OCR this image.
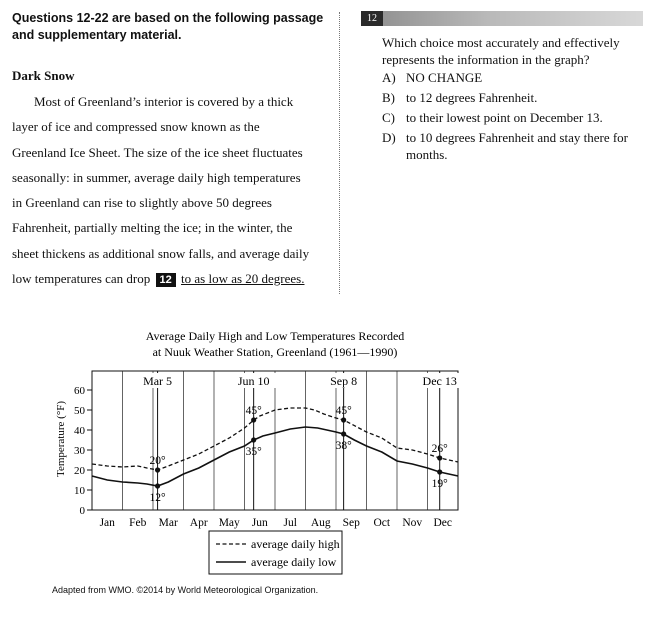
Questions 12-22 are based on the following passage and supplementary material.
Dark Snow

Most of Greenland’s interior is covered by a thick

layer of ice and compressed snow known as the

Greenland Ice Sheet. The size of the ice sheet fluctuates

seasonally: in summer, average daily high temperatures

in Greenland can rise to slightly above 50 degrees

Fahrenheit, partially melting the ice; in the winter, the

sheet thickens as additional snow falls, and average daily

low temperatures can drop 12 to as low as 20 degrees.

12
Which choice most accurately and effectively represents the information in the graph?
A) NO CHANGE
B) to 12 degrees Fahrenheit.
C) to their lowest point on December 13.
D) to 10 degrees Fahrenheit and stay there for months.
Average Daily High and Low Temperatures Recorded
at Nuuk Weather Station, Greenland (1961—1990)
0
10
20
30
40
50
60
Jan Feb Mar Apr May Jun Jul Aug Sep Oct Nov Dec
Mar 5	Jun 10	Sep 8	Dec 13
20°
45°	45°
26°
12°
35°	38°
19°
Temperature (°F)
average daily high
average daily low
Adapted from WMO. ©2014 by World Meteorological Organization.
